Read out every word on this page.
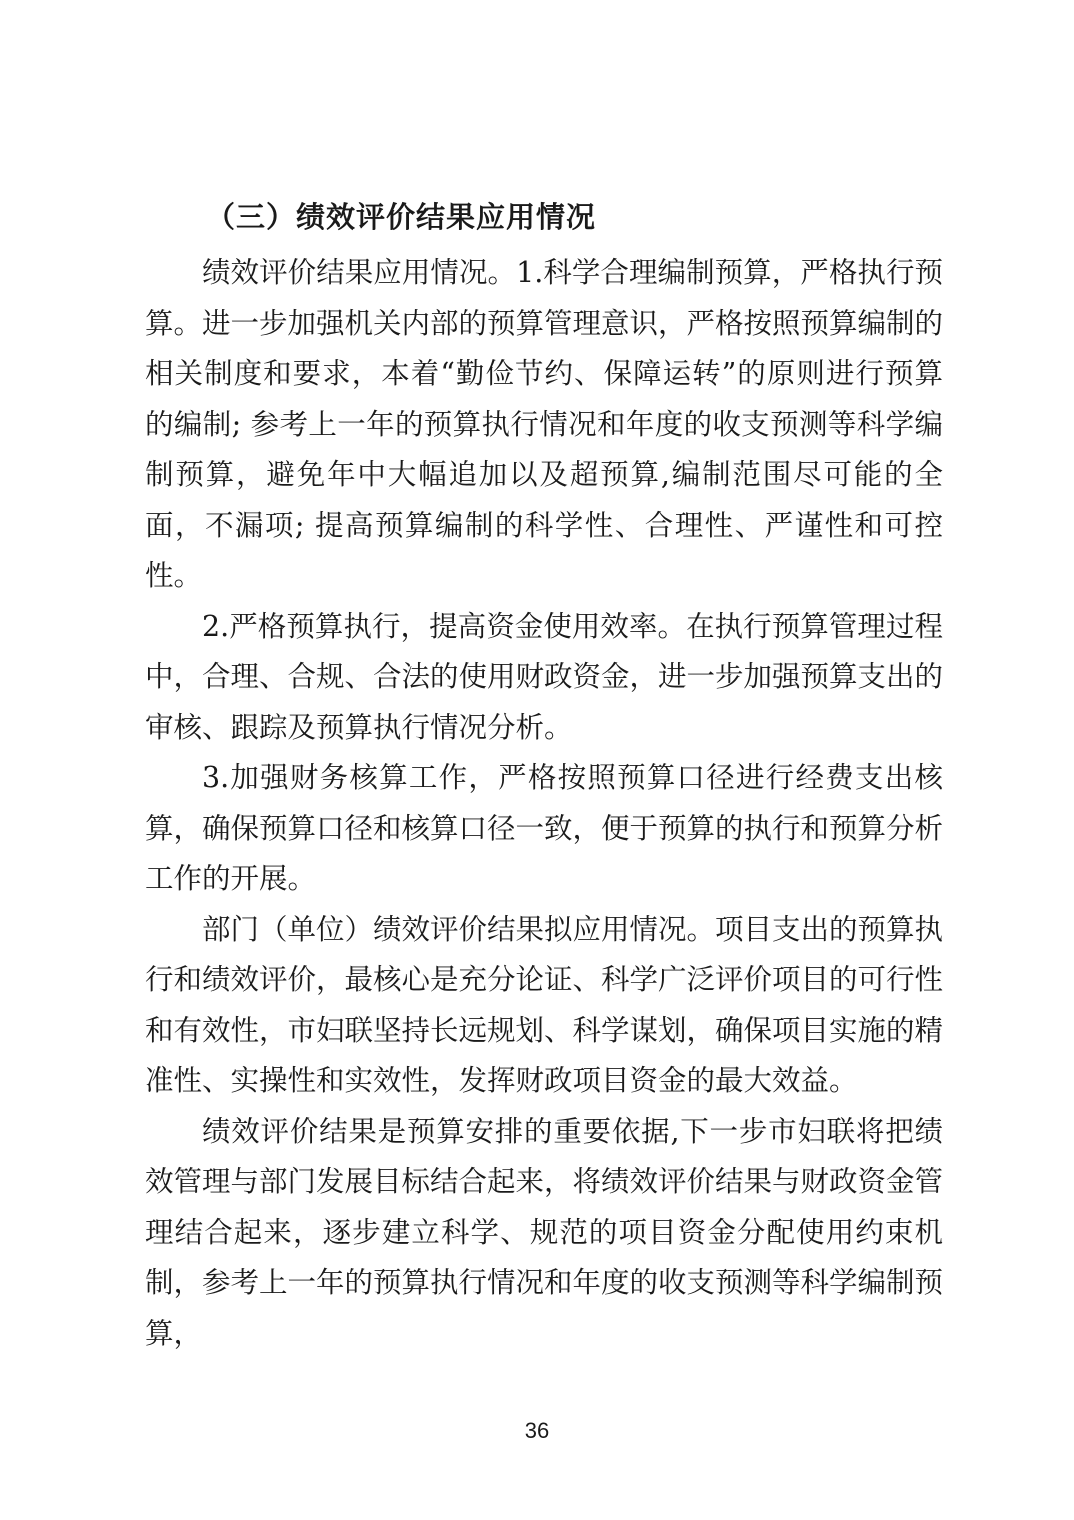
（三）绩效评价结果应用情况

绩效评价结果应用情况。1.科学合理编制预算，严格执行预算。进一步加强机关内部的预算管理意识，严格按照预算编制的相关制度和要求，本着“勤俭节约、保障运转”的原则进行预算的编制; 参考上一年的预算执行情况和年度的收支预测等科学编制预算，避免年中大幅追加以及超预算,编制范围尽可能的全面，不漏项; 提高预算编制的科学性、合理性、严谨性和可控性。

2.严格预算执行，提高资金使用效率。在执行预算管理过程中，合理、合规、合法的使用财政资金，进一步加强预算支出的审核、跟踪及预算执行情况分析。

3.加强财务核算工作，严格按照预算口径进行经费支出核算，确保预算口径和核算口径一致，便于预算的执行和预算分析工作的开展。

部门（单位）绩效评价结果拟应用情况。项目支出的预算执行和绩效评价，最核心是充分论证、科学广泛评价项目的可行性和有效性，市妇联坚持长远规划、科学谋划，确保项目实施的精准性、实操性和实效性，发挥财政项目资金的最大效益。

绩效评价结果是预算安排的重要依据,下一步市妇联将把绩效管理与部门发展目标结合起来，将绩效评价结果与财政资金管理结合起来，逐步建立科学、规范的项目资金分配使用约束机制，参考上一年的预算执行情况和年度的收支预测等科学编制预算，

36
